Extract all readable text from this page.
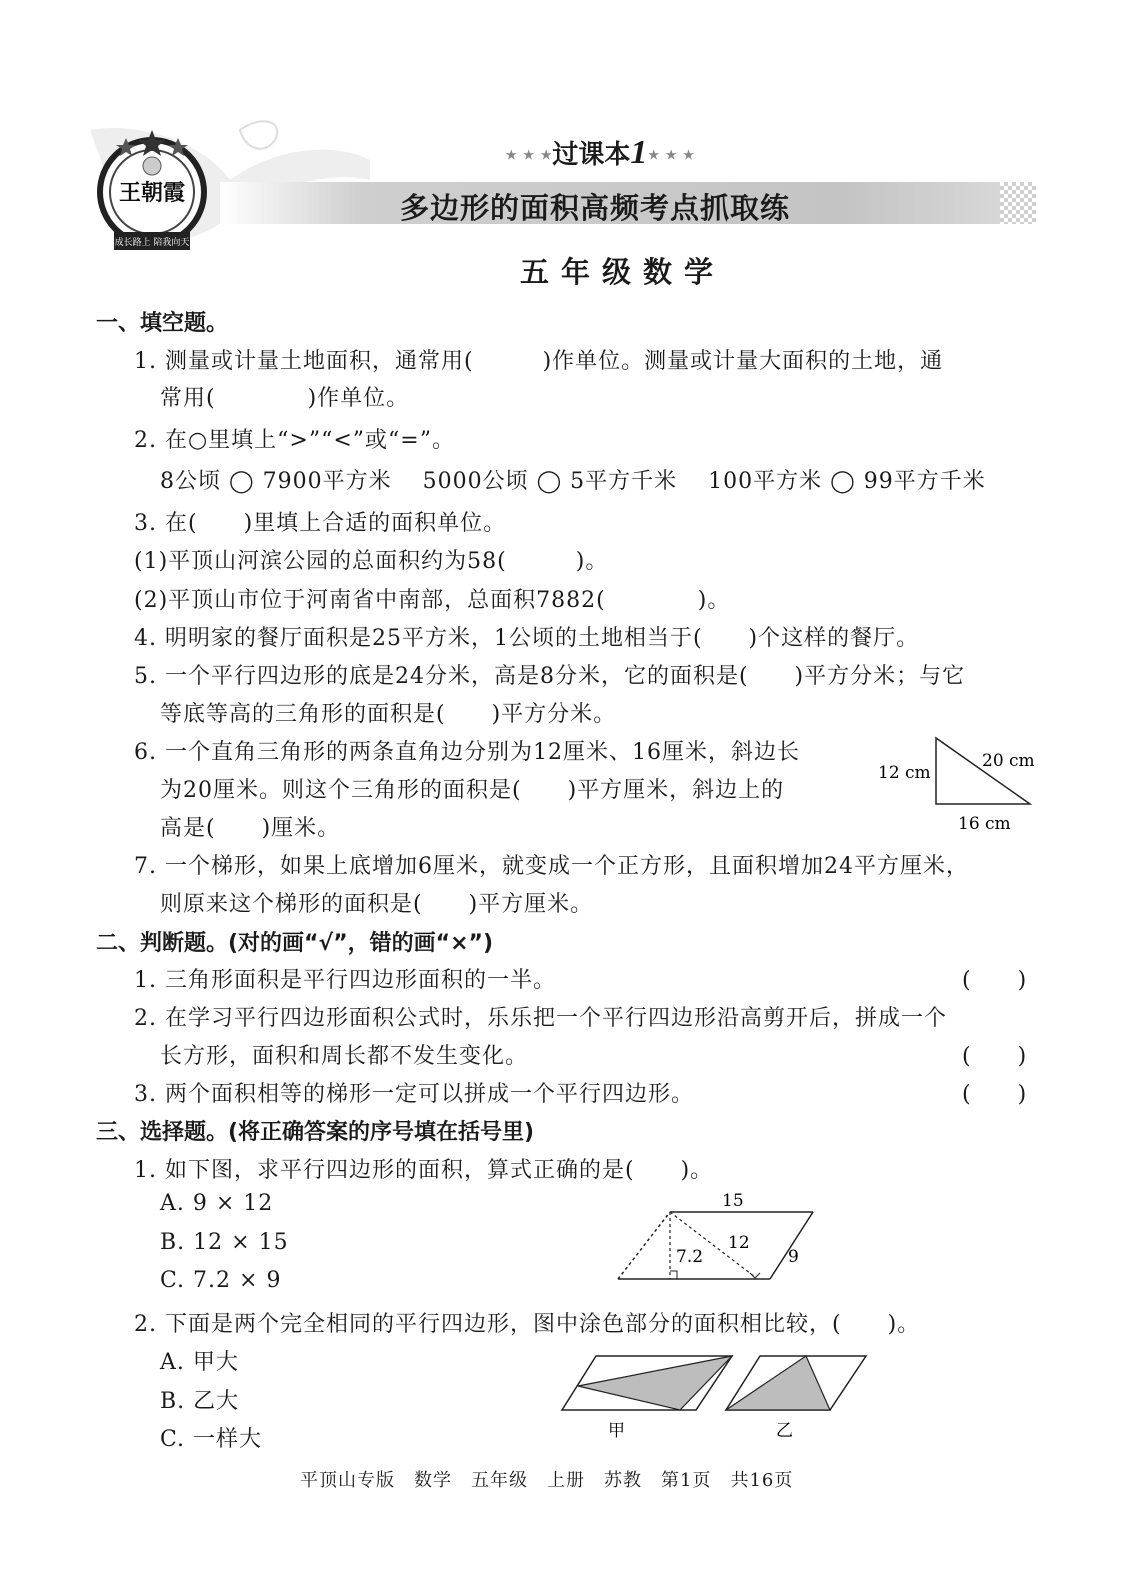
王朝霞
成长路上 陪我向天
★ ★ ★过课本1★ ★ ★
多边形的面积高频考点抓取练
五年级数学
一、填空题。
1. 测量或计量土地面积，通常用(　　　)作单位。测量或计量大面积的土地，通
常用(　　　　)作单位。
2. 在○里填上“>”“<”或“=”。
8公顷 ◯ 7900平方米　 5000公顷 ◯ 5平方千米　 100平方米 ◯ 99平方千米
3. 在(　　)里填上合适的面积单位。
(1)平顶山河滨公园的总面积约为58(　　　)。
(2)平顶山市位于河南省中南部，总面积7882(　　　　)。
4. 明明家的餐厅面积是25平方米，1公顷的土地相当于(　　)个这样的餐厅。
5. 一个平行四边形的底是24分米，高是8分米，它的面积是(　　)平方分米；与它
等底等高的三角形的面积是(　　)平方分米。
6. 一个直角三角形的两条直角边分别为12厘米、16厘米，斜边长
为20厘米。则这个三角形的面积是(　　)平方厘米，斜边上的
高是(　　)厘米。
12 cm
20 cm
16 cm
7. 一个梯形，如果上底增加6厘米，就变成一个正方形，且面积增加24平方厘米，
则原来这个梯形的面积是(　　)平方厘米。
二、判断题。(对的画“√”，错的画“×”)
1. 三角形面积是平行四边形面积的一半。	(　　)
2. 在学习平行四边形面积公式时，乐乐把一个平行四边形沿高剪开后，拼成一个
长方形，面积和周长都不发生变化。	(　　)
3. 两个面积相等的梯形一定可以拼成一个平行四边形。	(　　)
三、选择题。(将正确答案的序号填在括号里)
1. 如下图，求平行四边形的面积，算式正确的是(　　)。
A. 9 × 12
B. 12 × 15
C. 7.2 × 9
15
7.2
12
9
2. 下面是两个完全相同的平行四边形，图中涂色部分的面积相比较，(　　)。
A. 甲大
B. 乙大
C. 一样大	甲	乙
平顶山专版　数学　五年级　上册　苏教　第1页　共16页
